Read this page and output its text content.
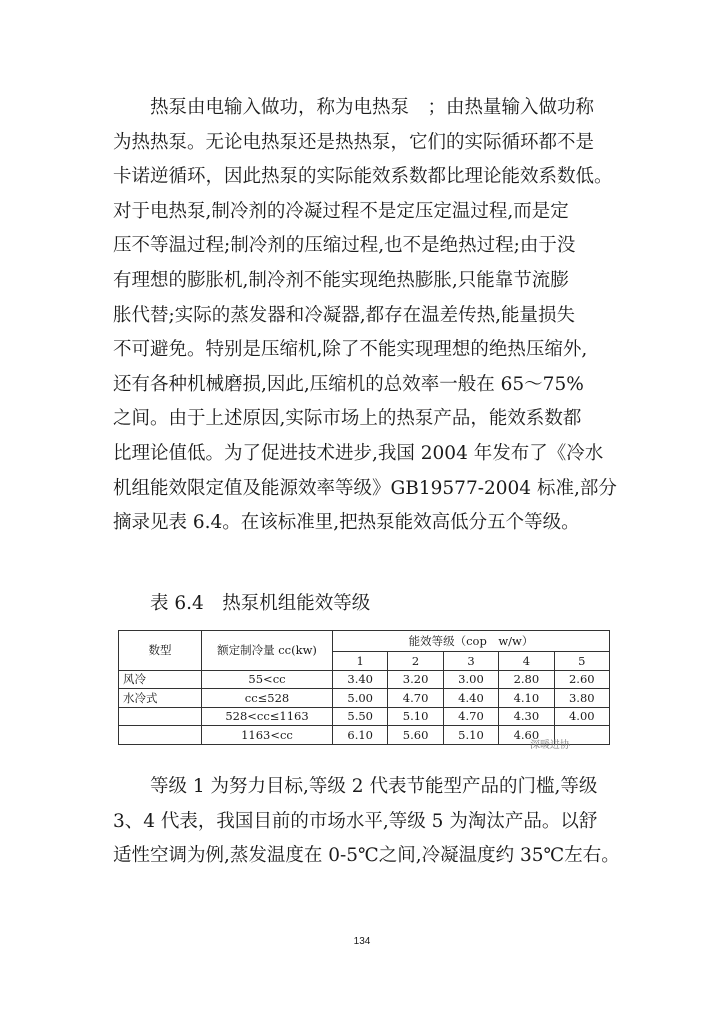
　　热泵由电输入做功，称为电热泵　；由热量输入做功称
为热热泵。无论电热泵还是热热泵，它们的实际循环都不是
卡诺逆循环，因此热泵的实际能效系数都比理论能效系数低。
对于电热泵,制冷剂的冷凝过程不是定压定温过程,而是定
压不等温过程;制冷剂的压缩过程,也不是绝热过程;由于没
有理想的膨胀机,制冷剂不能实现绝热膨胀,只能靠节流膨
胀代替;实际的蒸发器和冷凝器,都存在温差传热,能量损失
不可避免。特别是压缩机,除了不能实现理想的绝热压缩外,
还有各种机械磨损,因此,压缩机的总效率一般在 65～75%
之间。由于上述原因,实际市场上的热泵产品，能效系数都
比理论值低。为了促进技术进步,我国 2004 年发布了《冷水
机组能效限定值及能源效率等级》GB19577-2004 标准,部分
摘录见表 6.4。在该标准里,把热泵能效高低分五个等级。

表 6.4　热泵机组能效等级

数型	额定制冷量 cc(kw)	能效等级（cop　w/w）				
		1	2	3	4	5
风冷	55<cc	3.40	3.20	3.00	2.80	2.60
水冷式	cc≤528	5.00	4.70	4.40	4.10	3.80
	528<cc≤1163	5.50	5.10	4.70	4.30	4.00
	1163<cc	6.10	5.60	5.10	4.60	
深暖进协
　　等级 1 为努力目标,等级 2 代表节能型产品的门槛,等级
3、4 代表，我国目前的市场水平,等级 5 为淘汰产品。以舒
适性空调为例,蒸发温度在 0-5℃之间,冷凝温度约 35℃左右。
134
